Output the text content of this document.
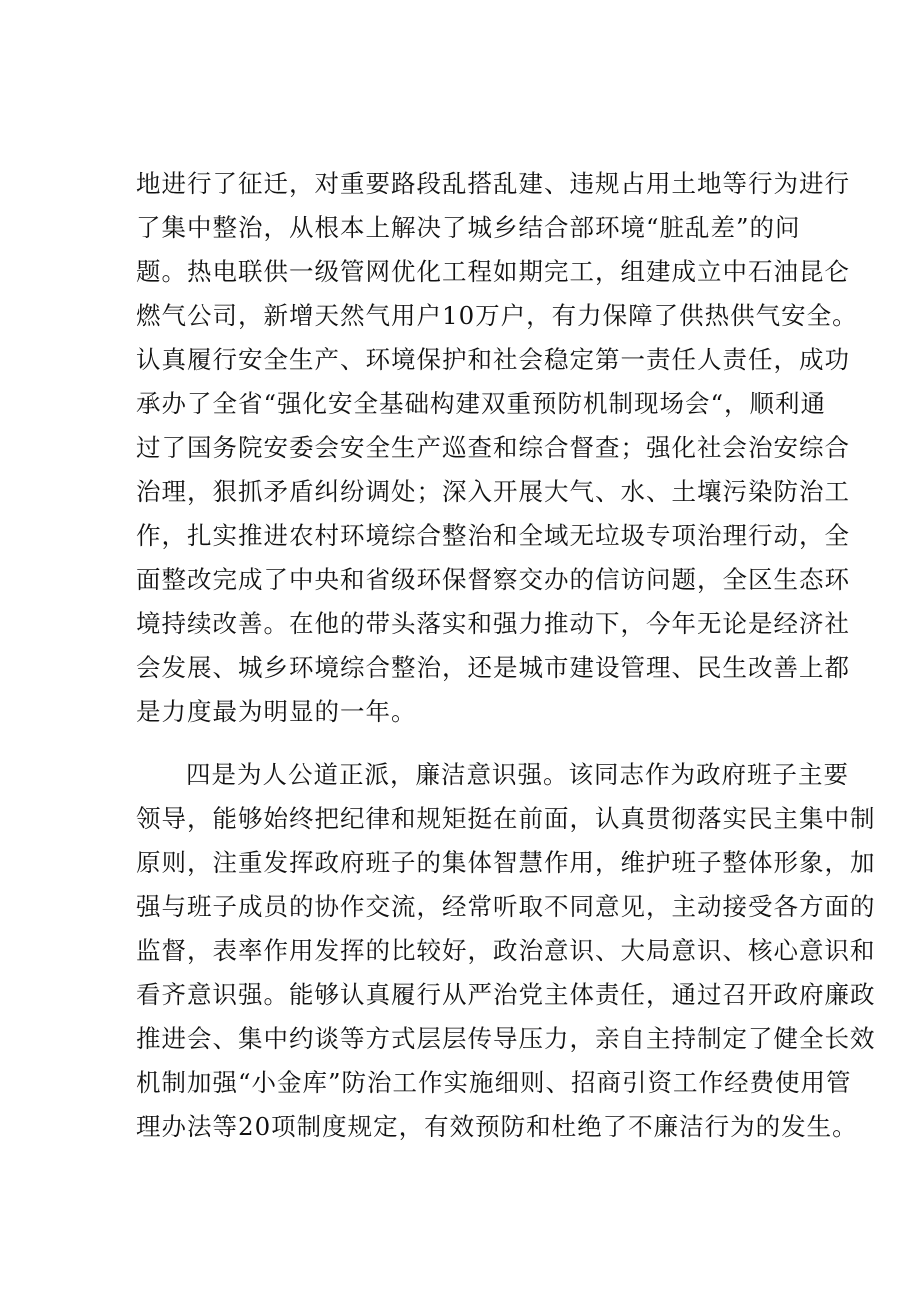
地进行了征迁，对重要路段乱搭乱建、违规占用土地等行为进行
了集中整治，从根本上解决了城乡结合部环境“脏乱差”的问
题。热电联供一级管网优化工程如期完工，组建成立中石油昆仑
燃气公司，新增天然气用户10万户，有力保障了供热供气安全。
认真履行安全生产、环境保护和社会稳定第一责任人责任，成功
承办了全省“强化安全基础构建双重预防机制现场会“，顺利通
过了国务院安委会安全生产巡查和综合督查；强化社会治安综合
治理，狠抓矛盾纠纷调处；深入开展大气、水、土壤污染防治工
作，扎实推进农村环境综合整治和全域无垃圾专项治理行动，全
面整改完成了中央和省级环保督察交办的信访问题，全区生态环
境持续改善。在他的带头落实和强力推动下，今年无论是经济社
会发展、城乡环境综合整治，还是城市建设管理、民生改善上都
是力度最为明显的一年。
四是为人公道正派，廉洁意识强。该同志作为政府班子主要
领导，能够始终把纪律和规矩挺在前面，认真贯彻落实民主集中制
原则，注重发挥政府班子的集体智慧作用，维护班子整体形象，加
强与班子成员的协作交流，经常听取不同意见，主动接受各方面的
监督，表率作用发挥的比较好，政治意识、大局意识、核心意识和
看齐意识强。能够认真履行从严治党主体责任，通过召开政府廉政
推进会、集中约谈等方式层层传导压力，亲自主持制定了健全长效
机制加强“小金库”防治工作实施细则、招商引资工作经费使用管
理办法等20项制度规定，有效预防和杜绝了不廉洁行为的发生。
